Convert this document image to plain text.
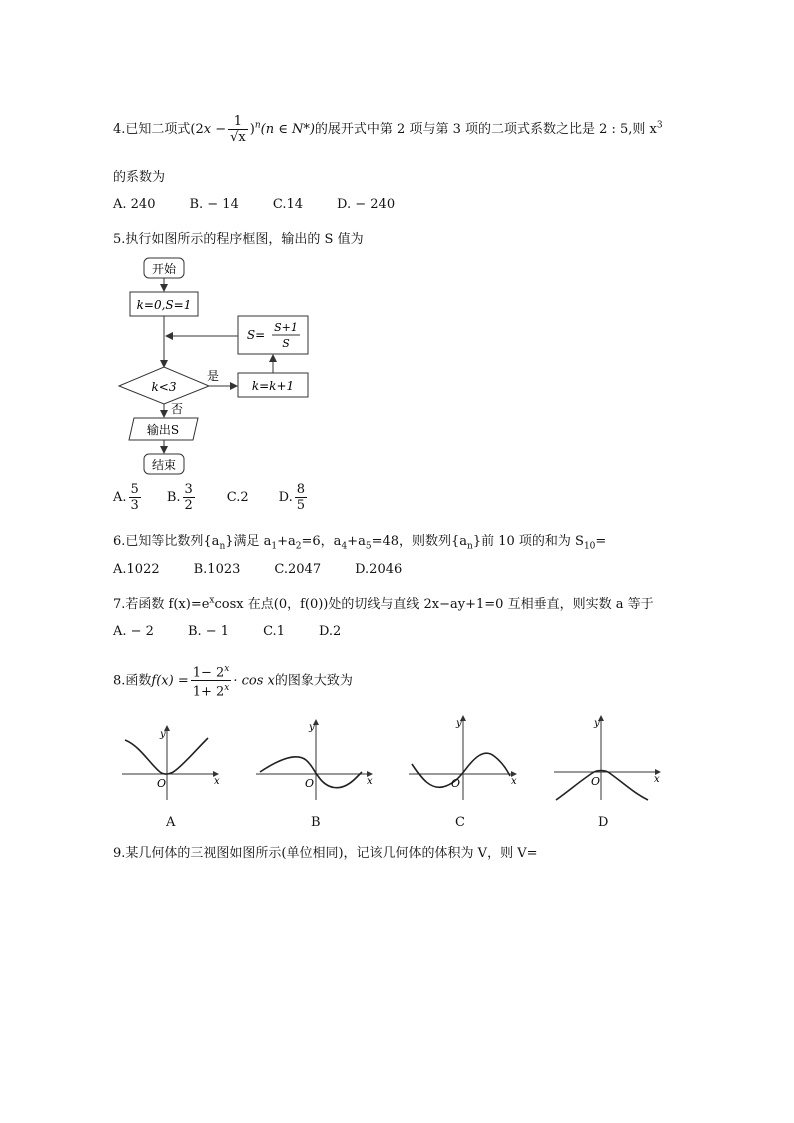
4.已知二项式$(2x - \frac{1}{√x} )^n(n$ ∈ N*)的展开式中第 2 项与第 3 项的二项式系数之比是 2 : 5,则 $x^3$
的系数为
A. 240	B. − 14	C.14	D. − 240
5.执行如图所示的程序框图，输出的 S 值为
开始
k=0,S=1
S=
S+1
S
k<3
是
k=k+1
否
输出S
结束
A. $\frac{5}{3} B$. $\frac{3}{2} C.2$ D. $\frac{8}{5}$
6.已知等比数列$\{a_n\}$满足 $a_1+a_2=6$，$a_4+a_5=48$，则数列$\{a_n\}$前 10 项的和为 $S_{10}=$
A.1022	B.1023	C.2047	D.2046
7.若函数 $f(x)=e^x\cos x$ 在点(0，f(0))处的切线与直线 2x−ay+1=0 互相垂直，则实数 a 等于
A. − 2	B. − 1	C.1	D.2
8.函数$f(x) = \frac{1- 2^x}{1+ 2^x} \cdot \cos x$的图象大致为
y
x
O
y
x
O
y
x
O
y
x
O
A	B	C	D
9.某几何体的三视图如图所示(单位相同)，记该几何体的体积为 V，则 V=
